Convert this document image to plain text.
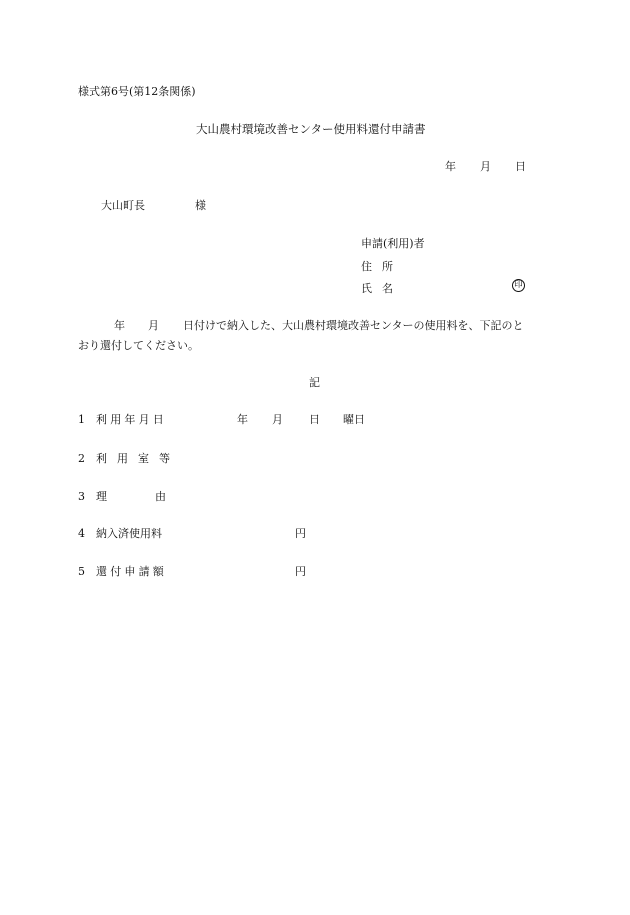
様式第6号(第12条関係)
大山農村環境改善センター使用料還付申請書
年 月 日
大山町長	様
申請(利用)者
住所
氏名	印
年 月 日付けで納入した、大山農村環境改善センターの使用料を、下記のと
おり還付してください。
記
1 利用年月日	年 月 日 曜日
2 利用室等
3 理	由
4 納入済使用料	円
5 還付申請額	円
